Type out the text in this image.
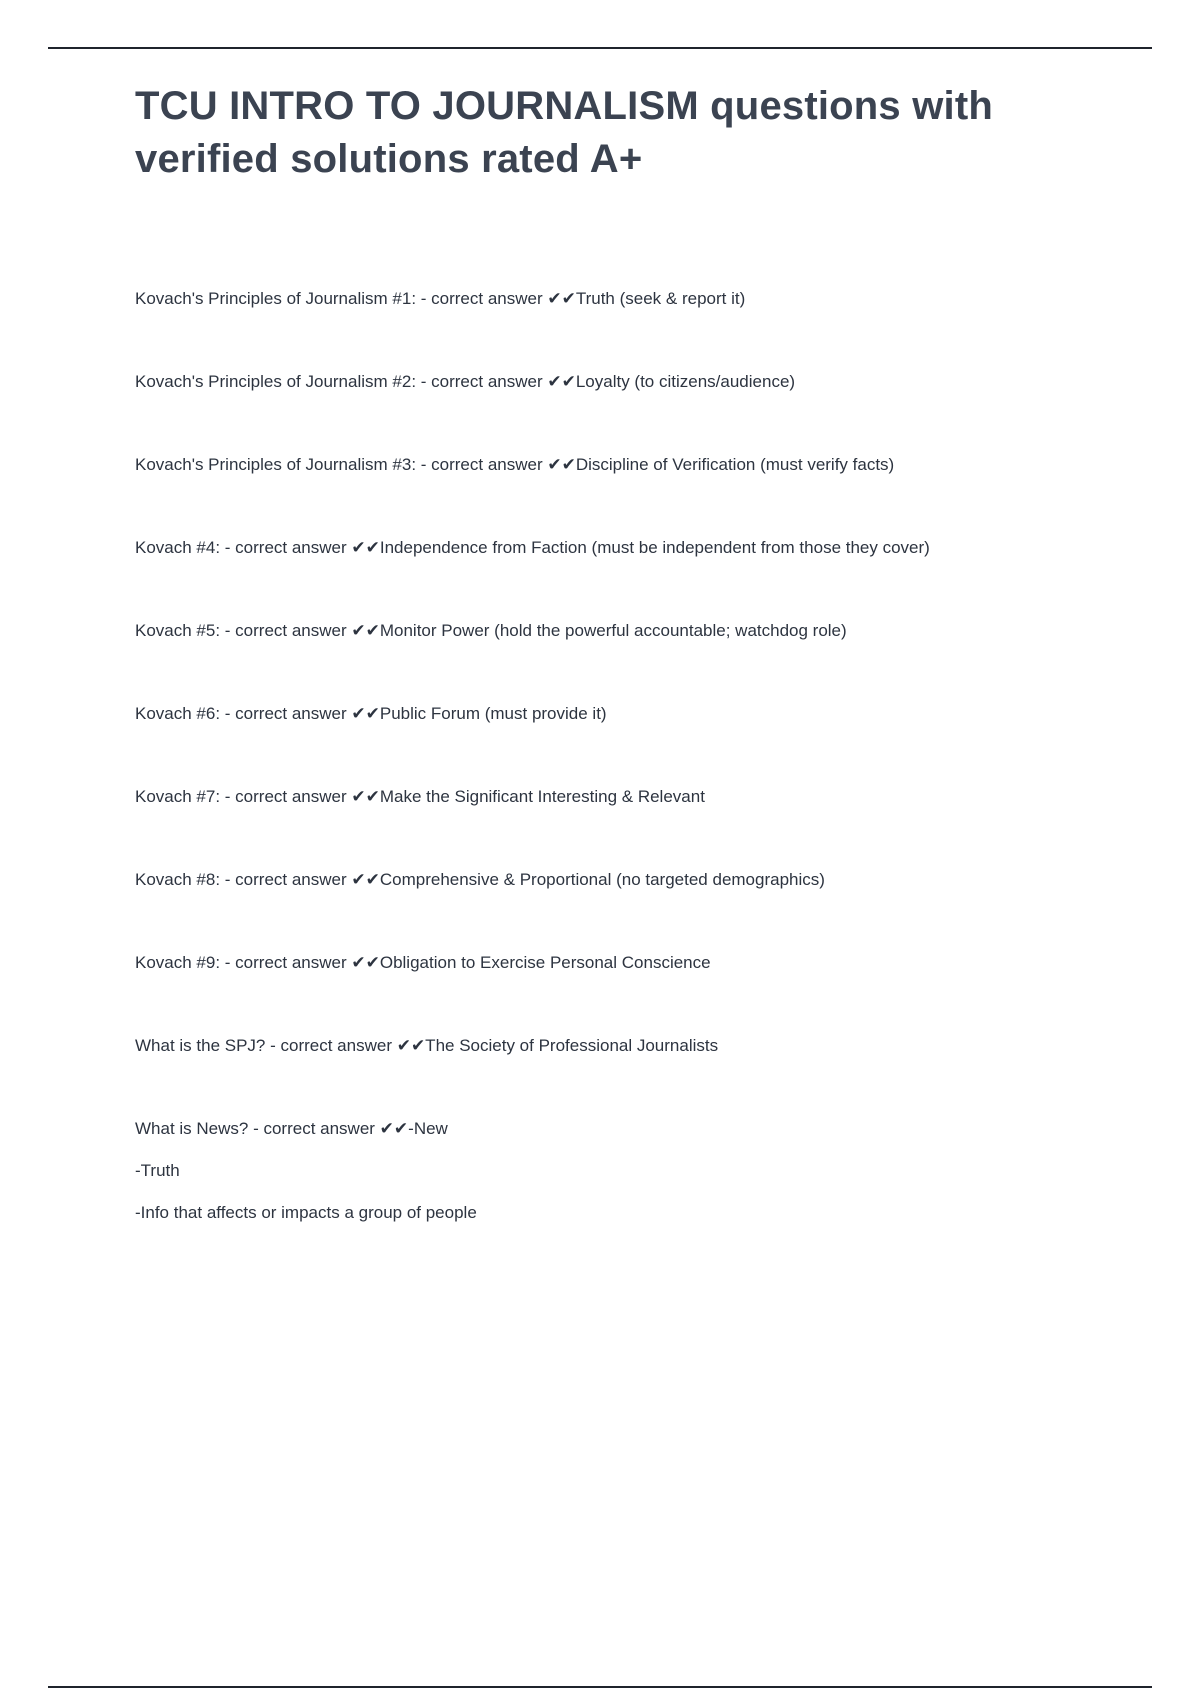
TCU INTRO TO JOURNALISM questions with verified solutions rated A+

Kovach's Principles of Journalism #1: - correct answer ✔✔Truth (seek & report it)

Kovach's Principles of Journalism #2: - correct answer ✔✔Loyalty (to citizens/audience)

Kovach's Principles of Journalism #3: - correct answer ✔✔Discipline of Verification (must verify facts)

Kovach #4: - correct answer ✔✔Independence from Faction (must be independent from those they cover)

Kovach #5: - correct answer ✔✔Monitor Power (hold the powerful accountable; watchdog role)

Kovach #6: - correct answer ✔✔Public Forum (must provide it)

Kovach #7: - correct answer ✔✔Make the Significant Interesting & Relevant

Kovach #8: - correct answer ✔✔Comprehensive & Proportional (no targeted demographics)

Kovach #9: - correct answer ✔✔Obligation to Exercise Personal Conscience

What is the SPJ? - correct answer ✔✔The Society of Professional Journalists

What is News? - correct answer ✔✔-New

-Truth

-Info that affects or impacts a group of people
